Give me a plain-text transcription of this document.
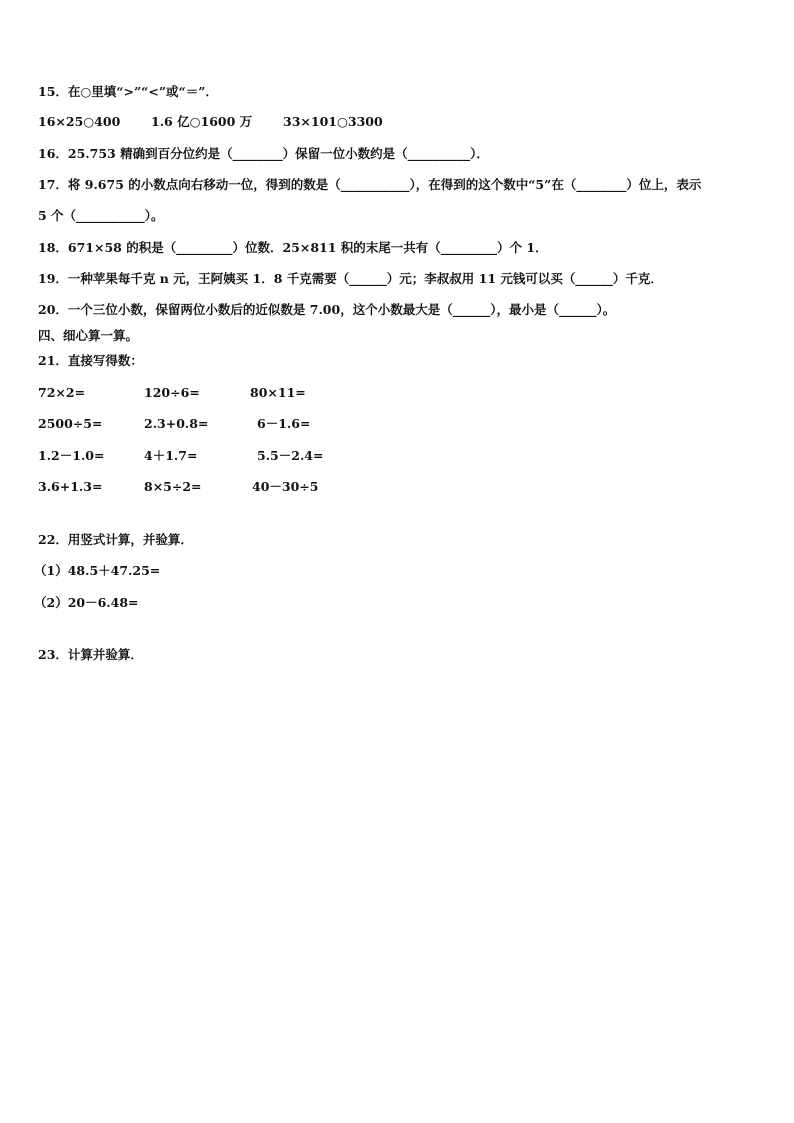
15．在○里填“>”“<”或“＝”．
16×25○400 1.6 亿○1600 万 33×101○3300
16．25.753 精确到百分位约是（________）保留一位小数约是（__________）．
17．将 9.675 的小数点向右移动一位，得到的数是（___________），在得到的这个数中“5”在（________）位上，表示
5 个（___________）。
18．671×58 的积是（_________）位数．25×811 积的末尾一共有（_________）个 1．
19．一种苹果每千克 n 元，王阿姨买 1．8 千克需要（______）元；李叔叔用 11 元钱可以买（______）千克．
20．一个三位小数，保留两位小数后的近似数是 7.00，这个小数最大是（______），最小是（______）。
四、细心算一算。
21．直接写得数：
72×2=	120÷6=	80×11=
2500÷5=	2.3+0.8=	6－1.6=
1.2－1.0=	4＋1.7=	5.5－2.4=
3.6+1.3=	8×5÷2=	40－30÷5
22．用竖式计算，并验算．
（1）48.5＋47.25=
（2）20－6.48=
23．计算并验算．
